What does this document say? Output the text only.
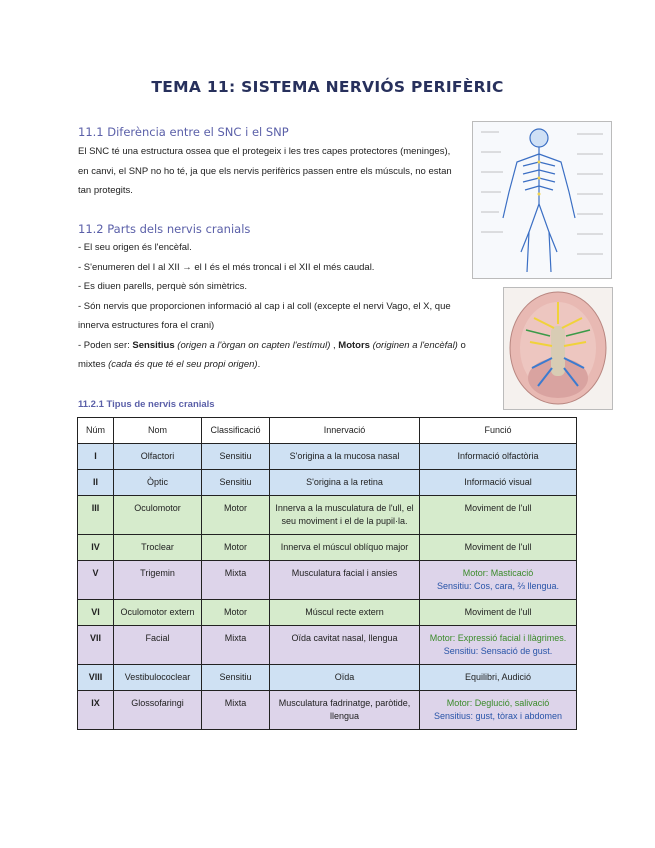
TEMA 11: SISTEMA NERVIÓS PERIFÈRIC
11.1 Diferència entre el SNC i el SNP
El SNC té una estructura ossea que el protegeix i les tres capes protectores (meninges),
en canvi, el SNP no ho té, ja que els nervis perifèrics passen entre els músculs, no estan
tan protegits.
11.2 Parts dels nervis cranials
- El seu origen és l'encèfal.
- S'enumeren del I al XII → el I és el més troncal i el XII el més caudal.
- Es diuen parells, perquè són simètrics.
- Són nervis que proporcionen informació al cap i al coll (excepte el nervi Vago, el X, que
innerva estructures fora el crani)
- Poden ser: Sensitius (origen a l'òrgan on capten l'estímul) , Motors (originen a l'encèfal) o
mixtes (cada és que té el seu propi origen).
11.2.1 Tipus de nervis cranials
Núm	Nom	Classificació	Innervació	Funció
I	Olfactori	Sensitiu	S'origina a la mucosa nasal	Informació olfactòria
II	Òptic	Sensitiu	S'origina a la retina	Informació visual
III	Oculomotor	Motor	Innerva a la musculatura de l'ull, el seu moviment i el de la pupil·la.	Moviment de l'ull
IV	Troclear	Motor	Innerva el múscul oblíquo major	Moviment de l'ull
V	Trigemin	Mixta	Musculatura facial i ansies	Motor: Masticació
Sensitiu: Cos, cara, ⅔ llengua.

VI	Oculomotor extern	Motor	Múscul recte extern	Moviment de l'ull
VII	Facial	Mixta	Oïda cavitat nasal, llengua	Motor: Expressió facial i llàgrimes.
Sensitiu: Sensació de gust.

VIII	Vestibulococlear	Sensitiu	Oïda	Equilibri, Audició
IX	Glossofaringi	Mixta	Musculatura fadrinatge, paròtide, llengua	Motor: Deglució, salivació
Sensitius: gust, tòrax i abdomen
